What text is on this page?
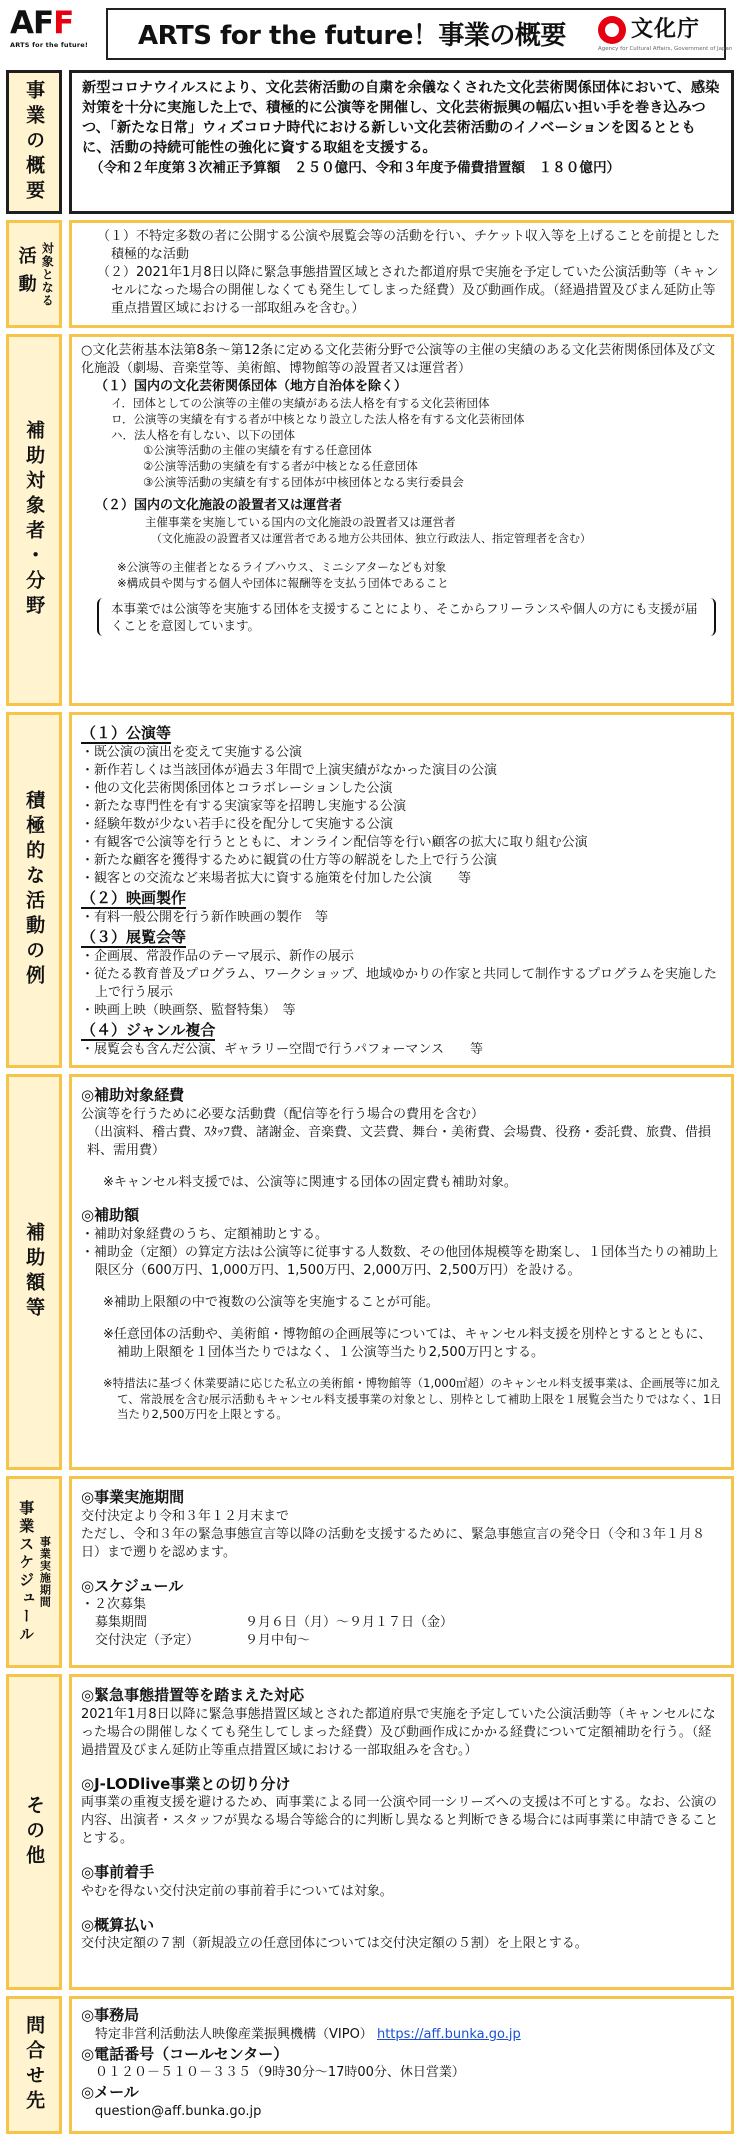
AFF
ARTS for the future!	ARTS for the future！事業の概要	文化庁
Agency for Cultural Affairs, Government of Japan
事業の概要	新型コロナウイルスにより、文化芸術活動の自粛を余儀なくされた文化芸術関係団体において、感染対策を十分に実施した上で、積極的に公演等を開催し、文化芸術振興の幅広い担い手を巻き込みつつ、「新たな日常」ウィズコロナ時代における新しい文化芸術活動のイノベーションを図るとともに、活動の持続可能性の強化に資する取組を支援する。
（令和２年度第３次補正予算額　２５０億円、令和３年度予備費措置額　１８０億円）
活動 対象となる
（１）不特定多数の者に公開する公演や展覧会等の活動を行い、チケット収入等を上げることを前提とした積極的な活動
（２）2021年1月8日以降に緊急事態措置区域とされた都道府県で実施を予定していた公演活動等（キャンセルになった場合の開催しなくても発生してしまった経費）及び動画作成。（経過措置及びまん延防止等重点措置区域における一部取組みを含む。）
補助対象者・分野
○文化芸術基本法第8条～第12条に定める文化芸術分野で公演等の主催の実績のある文化芸術関係団体及び文化施設（劇場、音楽堂等、美術館、博物館等の設置者又は運営者）
（１）国内の文化芸術関係団体（地方自治体を除く）
イ．団体としての公演等の主催の実績がある法人格を有する文化芸術団体
ロ．公演等の実績を有する者が中核となり設立した法人格を有する文化芸術団体
ハ．法人格を有しない、以下の団体
①公演等活動の主催の実績を有する任意団体
②公演等活動の実績を有する者が中核となる任意団体
③公演等活動の実績を有する団体が中核団体となる実行委員会
（２）国内の文化施設の設置者又は運営者
主催事業を実施している国内の文化施設の設置者又は運営者
（文化施設の設置者又は運営者である地方公共団体、独立行政法人、指定管理者を含む）
※公演等の主催者となるライブハウス、ミニシアターなども対象
※構成員や関与する個人や団体に報酬等を支払う団体であること
本事業では公演等を実施する団体を支援することにより、そこからフリーランスや個人の方にも支援が届くことを意図しています。
積極的な活動の例
（１）公演等
・既公演の演出を変えて実施する公演
・新作若しくは当該団体が過去３年間で上演実績がなかった演目の公演
・他の文化芸術関係団体とコラボレーションした公演
・新たな専門性を有する実演家等を招聘し実施する公演
・経験年数が少ない若手に役を配分して実施する公演
・有観客で公演等を行うとともに、オンライン配信等を行い顧客の拡大に取り組む公演
・新たな顧客を獲得するために観賞の仕方等の解説をした上で行う公演
・観客との交流など来場者拡大に資する施策を付加した公演　　等
（２）映画製作
・有料一般公開を行う新作映画の製作　等
（３）展覧会等
・企画展、常設作品のテーマ展示、新作の展示
・従たる教育普及プログラム、ワークショップ、地域ゆかりの作家と共同して制作するプログラムを実施した上で行う展示
・映画上映（映画祭、監督特集）　等
（４）ジャンル複合
・展覧会も含んだ公演、ギャラリー空間で行うパフォーマンス　　等
補助額等
◎補助対象経費
公演等を行うために必要な活動費（配信等を行う場合の費用を含む）
（出演料、稽古費、ｽﾀｯﾌ費、諸謝金、音楽費、文芸費、舞台・美術費、会場費、役務・委託費、旅費、借損料、需用費）
※キャンセル料支援では、公演等に関連する団体の固定費も補助対象。
◎補助額
・補助対象経費のうち、定額補助とする。
・補助金（定額）の算定方法は公演等に従事する人数数、その他団体規模等を勘案し、１団体当たりの補助上限区分（600万円、1,000万円、1,500万円、2,000万円、2,500万円）を設ける。
※補助上限額の中で複数の公演等を実施することが可能。
※任意団体の活動や、美術館・博物館の企画展等については、キャンセル料支援を別枠とするとともに、補助上限額を１団体当たりではなく、１公演等当たり2,500万円とする。
※特措法に基づく休業要請に応じた私立の美術館・博物館等（1,000㎡超）のキャンセル料支援事業は、企画展等に加えて、常設展を含む展示活動もキャンセル料支援事業の対象とし、別枠として補助上限を１展覧会当たりではなく、1日当たり2,500万円を上限とする。
事業スケジュール 事業実施期間
◎事業実施期間
交付決定より令和３年１２月末まで
ただし、令和３年の緊急事態宣言等以降の活動を支援するために、緊急事態宣言の発令日（令和３年１月８日）まで遡りを認めます。
◎スケジュール
・２次募集
募集期間	９月６日（月）～９月１７日（金）
交付決定（予定）	９月中旬～
その他
◎緊急事態措置等を踏まえた対応
2021年1月8日以降に緊急事態措置区域とされた都道府県で実施を予定していた公演活動等（キャンセルになった場合の開催しなくても発生してしまった経費）及び動画作成にかかる経費について定額補助を行う。（経過措置及びまん延防止等重点措置区域における一部取組みを含む。）
◎J-LODlive事業との切り分け
両事業の重複支援を避けるため、両事業による同一公演や同一シリーズへの支援は不可とする。なお、公演の内容、出演者・スタッフが異なる場合等総合的に判断し異なると判断できる場合には両事業に申請できることとする。
◎事前着手
やむを得ない交付決定前の事前着手については対象。
◎概算払い
交付決定額の７割（新規設立の任意団体については交付決定額の５割）を上限とする。
問合せ先 ◎事務局
特定非営利活動法人映像産業振興機構（VIPO） https://aff.bunka.go.jp
◎電話番号（コールセンター）
０１２０－５１０－３３５（9時30分～17時00分、休日営業）
◎メール
question@aff.bunka.go.jp
